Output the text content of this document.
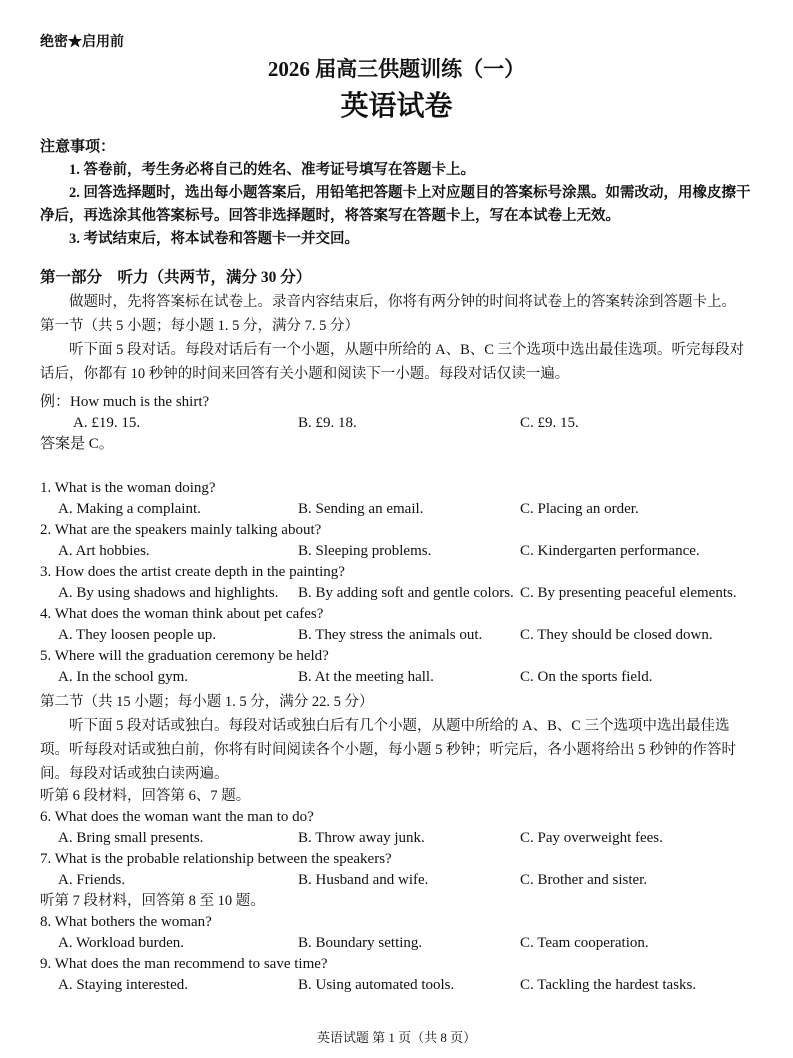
绝密★启用前
2026 届高三供题训练（一）
英语试卷
注意事项：

1. 答卷前，考生务必将自己的姓名、准考证号填写在答题卡上。

2. 回答选择题时，选出每小题答案后，用铅笔把答题卡上对应题目的答案标号涂黑。如需改动，用橡皮擦干净后，再选涂其他答案标号。回答非选择题时，将答案写在答题卡上，写在本试卷上无效。

3. 考试结束后，将本试卷和答题卡一并交回。

第一部分　听力（共两节，满分 30 分）

做题时，先将答案标在试卷上。录音内容结束后，你将有两分钟的时间将试卷上的答案转涂到答题卡上。

第一节（共 5 小题；每小题 1. 5 分，满分 7. 5 分）

听下面 5 段对话。每段对话后有一个小题，从题中所给的 A、B、C 三个选项中选出最佳选项。听完每段对话后，你都有 10 秒钟的时间来回答有关小题和阅读下一小题。每段对话仅读一遍。

例：How much is the shirt?
A. £19. 15.	B. £9. 18.	C. £9. 15.
答案是 C。
1. What is the woman doing?
A. Making a complaint.	B. Sending an email.	C. Placing an order.
2. What are the speakers mainly talking about?
A. Art hobbies.	B. Sleeping problems.	C. Kindergarten performance.
3. How does the artist create depth in the painting?
A. By using shadows and highlights.	B. By adding soft and gentle colors. C. By presenting peaceful elements.
4. What does the woman think about pet cafes?
A. They loosen people up.	B. They stress the animals out.	C. They should be closed down.
5. Where will the graduation ceremony be held?
A. In the school gym.	B. At the meeting hall.	C. On the sports field.
第二节（共 15 小题；每小题 1. 5 分，满分 22. 5 分）

听下面 5 段对话或独白。每段对话或独白后有几个小题，从题中所给的 A、B、C 三个选项中选出最佳选项。听每段对话或独白前，你将有时间阅读各个小题，每小题 5 秒钟；听完后，各小题将给出 5 秒钟的作答时间。每段对话或独白读两遍。

听第 6 段材料，回答第 6、7 题。
6. What does the woman want the man to do?
A. Bring small presents.	B. Throw away junk.	C. Pay overweight fees.
7. What is the probable relationship between the speakers?
A. Friends.	B. Husband and wife.	C. Brother and sister.
听第 7 段材料，回答第 8 至 10 题。
8. What bothers the woman?
A. Workload burden.	B. Boundary setting.	C. Team cooperation.
9. What does the man recommend to save time?
A. Staying interested.	B. Using automated tools.	C. Tackling the hardest tasks.
英语试题 第 1 页（共 8 页）
